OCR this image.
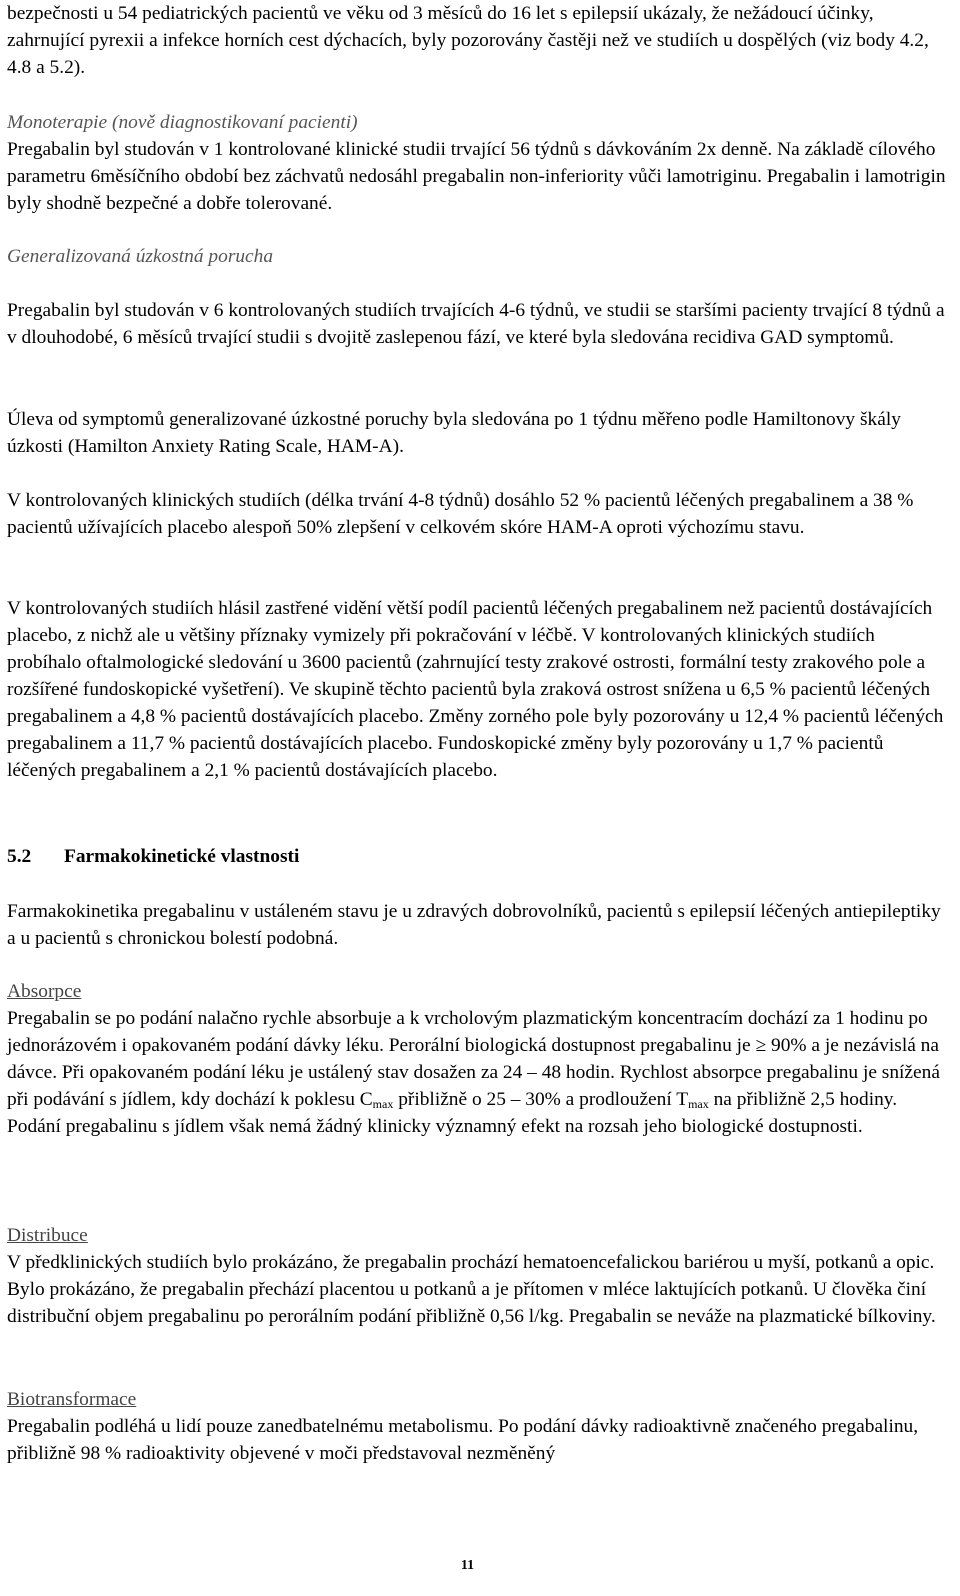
bezpečnosti u 54 pediatrických pacientů ve věku od 3 měsíců do 16 let s epilepsií ukázaly, že nežádoucí účinky, zahrnující pyrexii a infekce horních cest dýchacích, byly pozorovány častěji než ve studiích u dospělých (viz body 4.2, 4.8 a 5.2).

Monoterapie (nově diagnostikovaní pacienti)
Pregabalin byl studován v 1 kontrolované klinické studii trvající 56 týdnů s dávkováním 2x denně. Na základě cílového parametru 6měsíčního období bez záchvatů nedosáhl pregabalin non-inferiority vůči lamotriginu. Pregabalin i lamotrigin byly shodně bezpečné a dobře tolerované.
Generalizovaná úzkostná porucha

Pregabalin byl studován v 6 kontrolovaných studiích trvajících 4-6 týdnů, ve studii se staršími pacienty trvající 8 týdnů a v dlouhodobé, 6 měsíců trvající studii s dvojitě zaslepenou fází, ve které byla sledována recidiva GAD symptomů.

Úleva od symptomů generalizované úzkostné poruchy byla sledována po 1 týdnu měřeno podle Hamiltonovy škály úzkosti (Hamilton Anxiety Rating Scale, HAM-A).

V kontrolovaných klinických studiích (délka trvání 4-8 týdnů) dosáhlo 52 % pacientů léčených pregabalinem a 38 % pacientů užívajících placebo alespoň 50% zlepšení v celkovém skóre HAM-A oproti výchozímu stavu.

V kontrolovaných studiích hlásil zastřené vidění větší podíl pacientů léčených pregabalinem než pacientů dostávajících placebo, z nichž ale u většiny příznaky vymizely při pokračování v léčbě. V kontrolovaných klinických studiích probíhalo oftalmologické sledování u 3600 pacientů (zahrnující testy zrakové ostrosti, formální testy zrakového pole a rozšířené fundoskopické vyšetření). Ve skupině těchto pacientů byla zraková ostrost snížena u 6,5 % pacientů léčených pregabalinem a 4,8 % pacientů dostávajících placebo. Změny zorného pole byly pozorovány u 12,4 % pacientů léčených pregabalinem a 11,7 % pacientů dostávajících placebo. Fundoskopické změny byly pozorovány u 1,7 % pacientů léčených pregabalinem a 2,1 % pacientů dostávajících placebo.

5.2 Farmakokinetické vlastnosti

Farmakokinetika pregabalinu v ustáleném stavu je u zdravých dobrovolníků, pacientů s epilepsií léčených antiepileptiky a u pacientů s chronickou bolestí podobná.

Absorpce
Pregabalin se po podání nalačno rychle absorbuje a k vrcholovým plazmatickým koncentracím dochází za 1 hodinu po jednorázovém i opakovaném podání dávky léku. Perorální biologická dostupnost pregabalinu je ≥ 90% a je nezávislá na dávce. Při opakovaném podání léku je ustálený stav dosažen za 24 – 48 hodin. Rychlost absorpce pregabalinu je snížená při podávání s jídlem, kdy dochází k poklesu $C_{max}$ přibližně o 25 – 30% a prodloužení $T_{max}$ na přibližně 2,5 hodiny. Podání pregabalinu s jídlem však nemá žádný klinicky významný efekt na rozsah jeho biologické dostupnosti.
Distribuce
V předklinických studiích bylo prokázáno, že pregabalin prochází hematoencefalickou bariérou u myší, potkanů a opic. Bylo prokázáno, že pregabalin přechází placentou u potkanů a je přítomen v mléce laktujících potkanů. U člověka činí distribuční objem pregabalinu po perorálním podání přibližně 0,56 l/kg. Pregabalin se neváže na plazmatické bílkoviny.
Biotransformace
Pregabalin podléhá u lidí pouze zanedbatelnému metabolismu. Po podání dávky radioaktivně značeného pregabalinu, přibližně 98 % radioaktivity objevené v moči představoval nezměněný
11
